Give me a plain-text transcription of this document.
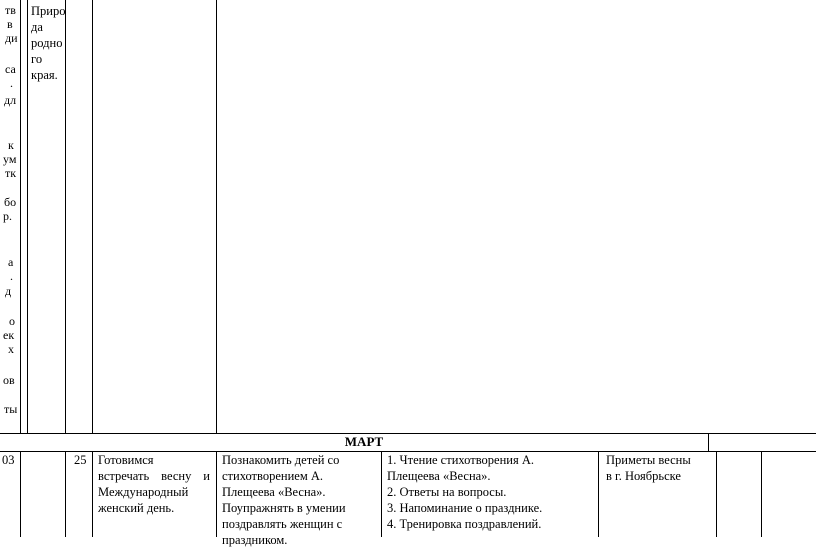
тв
в
ди
са
.
дл
к
ум
тк
бо
р.
а
.
д
о
ек
х
ов
ты
Приро
да
родно
го
края.
МАРТ
03	25 Готовимся
встречать весну и
Международный
женский день.
Познакомить детей со
стихотворением А.
Плещеева «Весна».
Поупражнять в умении
поздравлять женщин с
праздником.
1. Чтение стихотворения А.
Плещеева «Весна».
2. Ответы на вопросы.
3. Напоминание о празднике.
4. Тренировка поздравлений.
Приметы весны
в г. Ноябрьске
